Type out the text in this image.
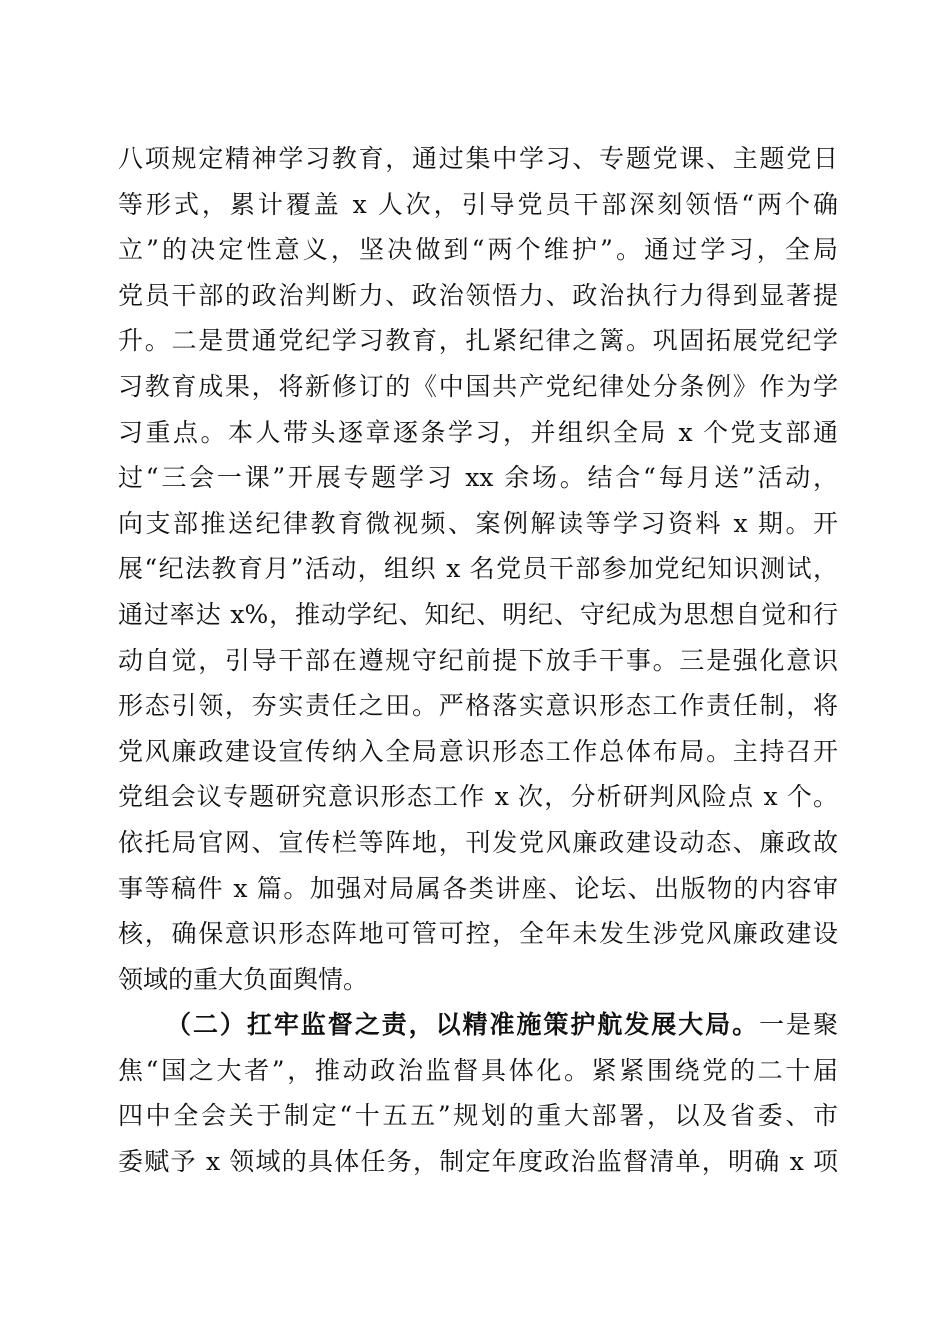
八项规定精神学习教育，通过集中学习、专题党课、主题党日
等形式，累计覆盖 x 人次，引导党员干部深刻领悟“两个确
立”的决定性意义，坚决做到“两个维护”。通过学习，全局
党员干部的政治判断力、政治领悟力、政治执行力得到显著提
升。二是贯通党纪学习教育，扎紧纪律之篱。巩固拓展党纪学
习教育成果，将新修订的《中国共产党纪律处分条例》作为学
习重点。本人带头逐章逐条学习，并组织全局 x 个党支部通
过“三会一课”开展专题学习 xx 余场。结合“每月送”活动，
向支部推送纪律教育微视频、案例解读等学习资料 x 期。开
展“纪法教育月”活动，组织 x 名党员干部参加党纪知识测试，
通过率达 x%，推动学纪、知纪、明纪、守纪成为思想自觉和行
动自觉，引导干部在遵规守纪前提下放手干事。三是强化意识
形态引领，夯实责任之田。严格落实意识形态工作责任制，将
党风廉政建设宣传纳入全局意识形态工作总体布局。主持召开
党组会议专题研究意识形态工作 x 次，分析研判风险点 x 个。
依托局官网、宣传栏等阵地，刊发党风廉政建设动态、廉政故
事等稿件 x 篇。加强对局属各类讲座、论坛、出版物的内容审
核，确保意识形态阵地可管可控，全年未发生涉党风廉政建设
领域的重大负面舆情。
（二）扛牢监督之责，以精准施策护航发展大局。一是聚
焦“国之大者”，推动政治监督具体化。紧紧围绕党的二十届
四中全会关于制定“十五五”规划的重大部署，以及省委、市
委赋予 x 领域的具体任务，制定年度政治监督清单，明确 x 项
